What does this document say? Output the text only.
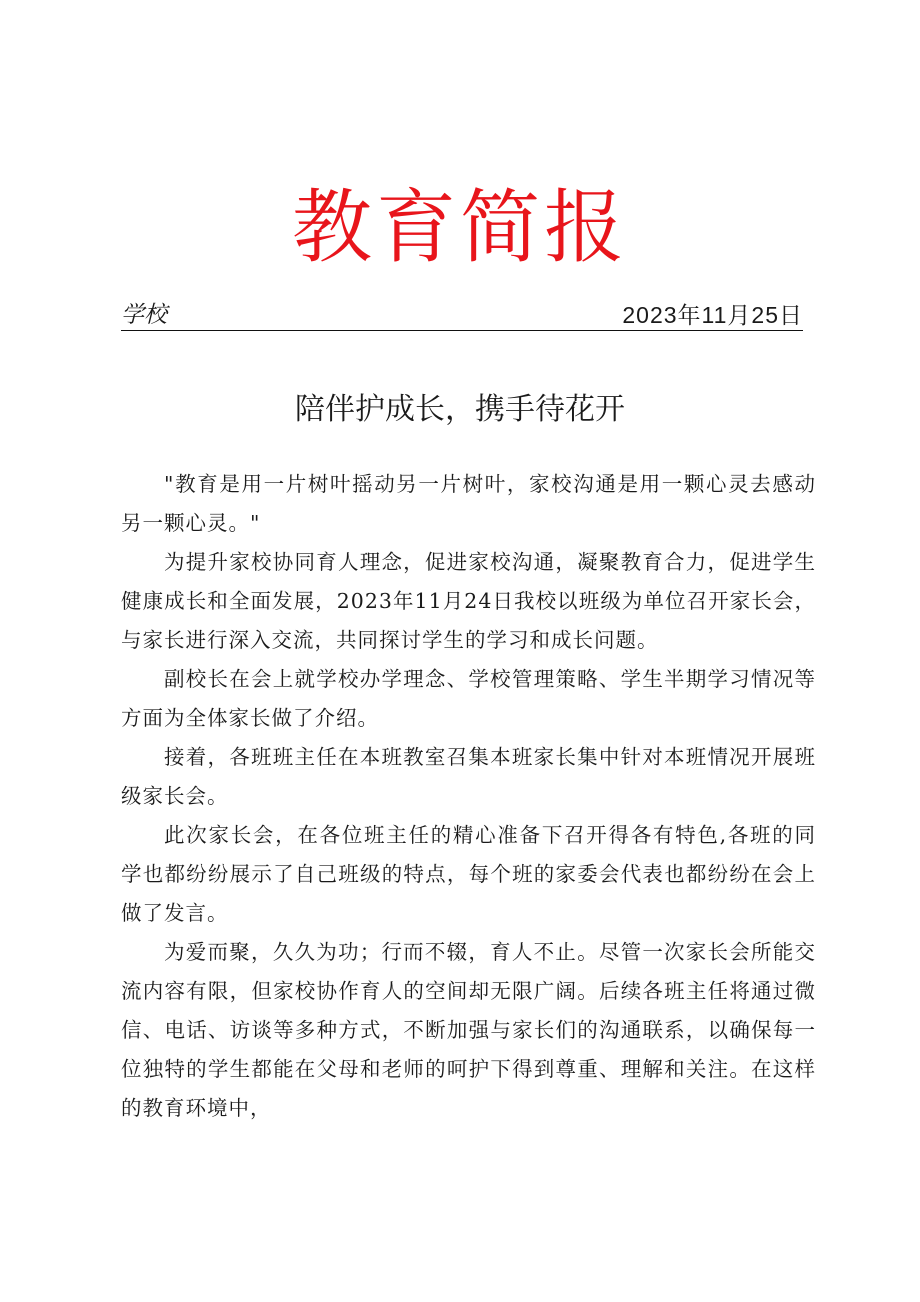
教育简报
学校	2023年11月25日
陪伴护成长，携手待花开

"教育是用一片树叶摇动另一片树叶，家校沟通是用一颗心灵去感动另一颗心灵。"

为提升家校协同育人理念，促进家校沟通，凝聚教育合力，促进学生健康成长和全面发展，2023年11月24日我校以班级为单位召开家长会，与家长进行深入交流，共同探讨学生的学习和成长问题。

副校长在会上就学校办学理念、学校管理策略、学生半期学习情况等方面为全体家长做了介绍。

接着，各班班主任在本班教室召集本班家长集中针对本班情况开展班级家长会。

此次家长会，在各位班主任的精心准备下召开得各有特色,各班的同学也都纷纷展示了自己班级的特点，每个班的家委会代表也都纷纷在会上做了发言。

为爱而聚，久久为功；行而不辍，育人不止。尽管一次家长会所能交流内容有限，但家校协作育人的空间却无限广阔。后续各班主任将通过微信、电话、访谈等多种方式，不断加强与家长们的沟通联系，以确保每一位独特的学生都能在父母和老师的呵护下得到尊重、理解和关注。在这样的教育环境中，
